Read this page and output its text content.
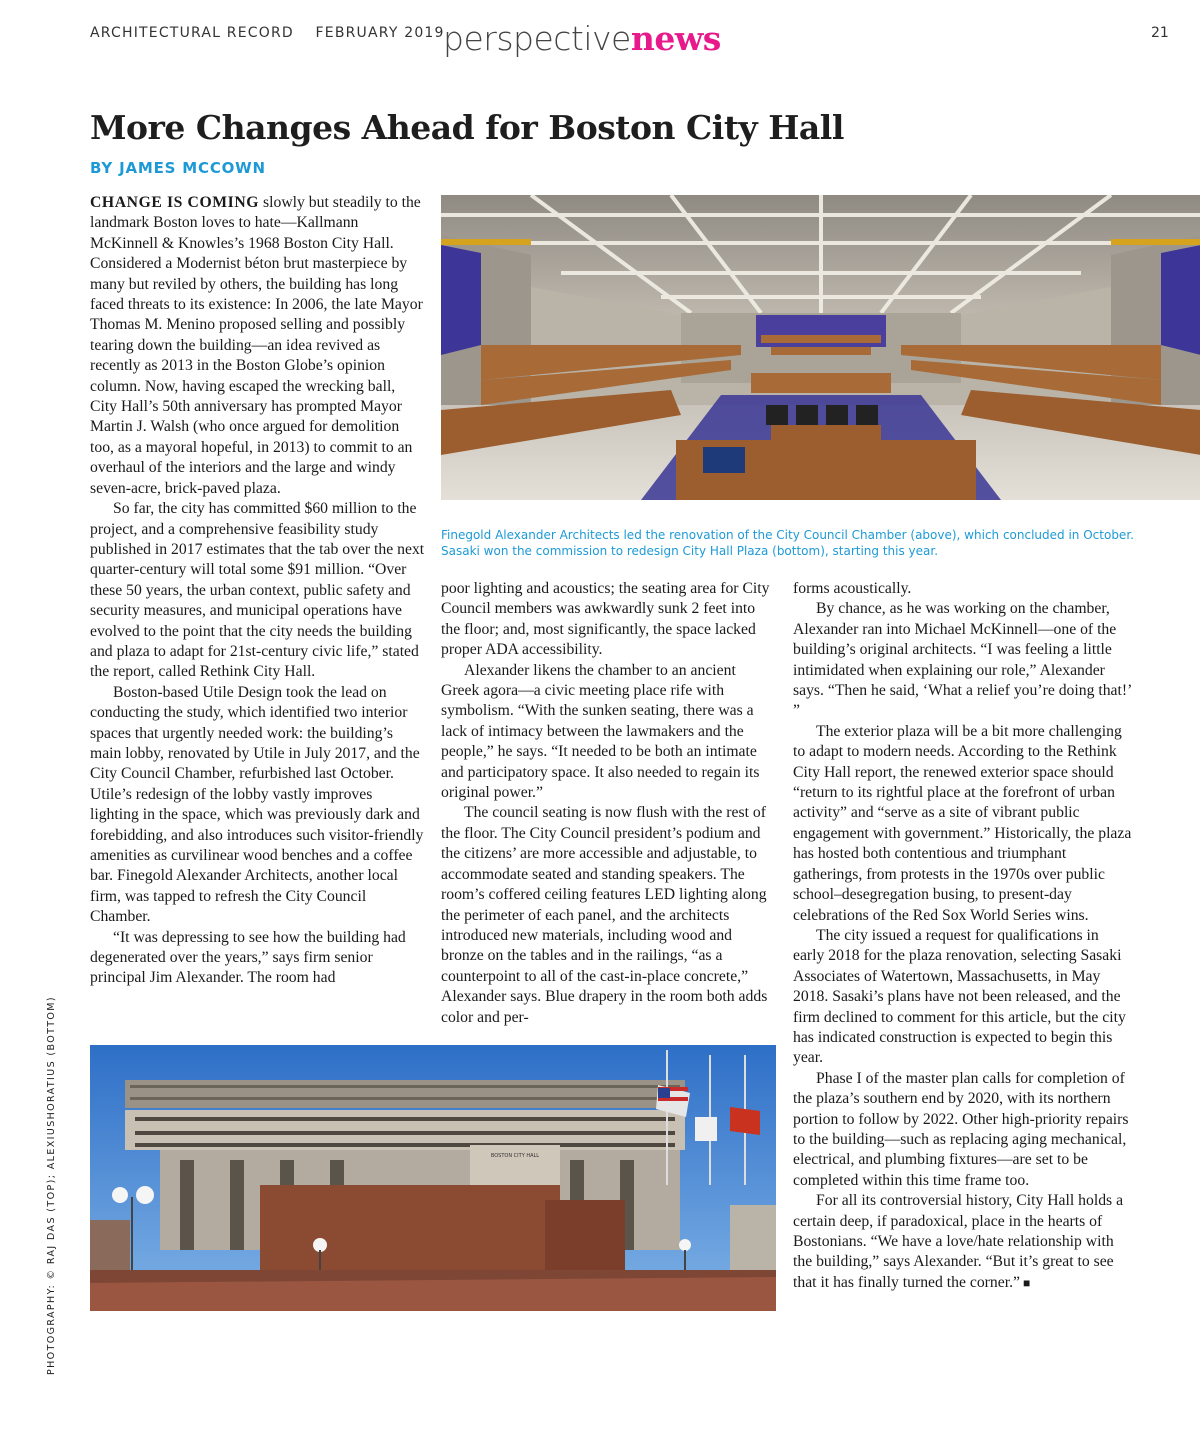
ARCHITECTURAL RECORD FEBRUARY 2019
perspectivenews	21
More Changes Ahead for Boston City Hall
BY JAMES MCCOWN

CHANGE IS COMING slowly but steadily to the landmark Boston loves to hate—Kallmann McKinnell & Knowles’s 1968 Boston City Hall. Considered a Modernist béton brut masterpiece by many but reviled by others, the building has long faced threats to its existence: In 2006, the late Mayor Thomas M. Menino proposed selling and possibly tearing down the building—an idea revived as recently as 2013 in the Boston Globe’s opinion column. Now, having escaped the wrecking ball, City Hall’s 50th anniversary has prompted Mayor Martin J. Walsh (who once argued for demolition too, as a mayoral hopeful, in 2013) to commit to an overhaul of the interiors and the large and windy seven-acre, brick-paved plaza.

So far, the city has committed $60 million to the project, and a comprehensive feasibility study published in 2017 estimates that the tab over the next quarter-century will total some $91 million. “Over these 50 years, the urban context, public safety and security measures, and municipal operations have evolved to the point that the city needs the building and plaza to adapt for 21st-century civic life,” stated the report, called Rethink City Hall.

Boston-based Utile Design took the lead on conducting the study, which identified two interior spaces that urgently needed work: the building’s main lobby, renovated by Utile in July 2017, and the City Council Chamber, refurbished last October. Utile’s redesign of the lobby vastly improves lighting in the space, which was previously dark and forebidding, and also introduces such visitor-friendly amenities as curvilinear wood benches and a coffee bar. Finegold Alexander Architects, another local firm, was tapped to refresh the City Council Chamber.

“It was depressing to see how the building had degenerated over the years,” says firm senior principal Jim Alexander. The room had

Finegold Alexander Architects led the renovation of the City Council Chamber (above), which concluded in October. Sasaki won the commission to redesign City Hall Plaza (bottom), starting this year.

poor lighting and acoustics; the seating area for City Council members was awkwardly sunk 2 feet into the floor; and, most significantly, the space lacked proper ADA accessibility.

Alexander likens the chamber to an ancient Greek agora—a civic meeting place rife with symbolism. “With the sunken seating, there was a lack of intimacy between the lawmakers and the people,” he says. “It needed to be both an intimate and participatory space. It also needed to regain its original power.”

The council seating is now flush with the rest of the floor. The City Council president’s podium and the citizens’ are more accessible and adjustable, to accommodate seated and standing speakers. The room’s coffered ceiling features LED lighting along the perimeter of each panel, and the architects introduced new materials, including wood and bronze on the tables and in the railings, “as a counterpoint to all of the cast-in-place concrete,” Alexander says. Blue drapery in the room both adds color and per-

forms acoustically.

By chance, as he was working on the chamber, Alexander ran into Michael McKinnell—one of the building’s original architects. “I was feeling a little intimidated when explaining our role,” Alexander says. “Then he said, ‘What a relief you’re doing that!’ ”

The exterior plaza will be a bit more challenging to adapt to modern needs. According to the Rethink City Hall report, the renewed exterior space should “return to its rightful place at the forefront of urban activity” and “serve as a site of vibrant public engagement with government.” Historically, the plaza has hosted both contentious and triumphant gatherings, from protests in the 1970s over public school–desegregation busing, to present-day celebrations of the Red Sox World Series wins.

The city issued a request for qualifications in early 2018 for the plaza renovation, selecting Sasaki Associates of Watertown, Massachusetts, in May 2018. Sasaki’s plans have not been released, and the firm declined to comment for this article, but the city has indicated construction is expected to begin this year.

Phase I of the master plan calls for completion of the plaza’s southern end by 2020, with its northern portion to follow by 2022. Other high-priority repairs to the building—such as replacing aging mechanical, electrical, and plumbing fixtures—are set to be completed within this time frame too.

For all its controversial history, City Hall holds a certain deep, if paradoxical, place in the hearts of Bostonians. “We have a love/hate relationship with the building,” says Alexander. “But it’s great to see that it has finally turned the corner.” ■

BOSTON CITY HALL
PHOTOGRAPHY: © RAJ DAS (TOP); ALEXIUSHORATIUS (BOTTOM)
